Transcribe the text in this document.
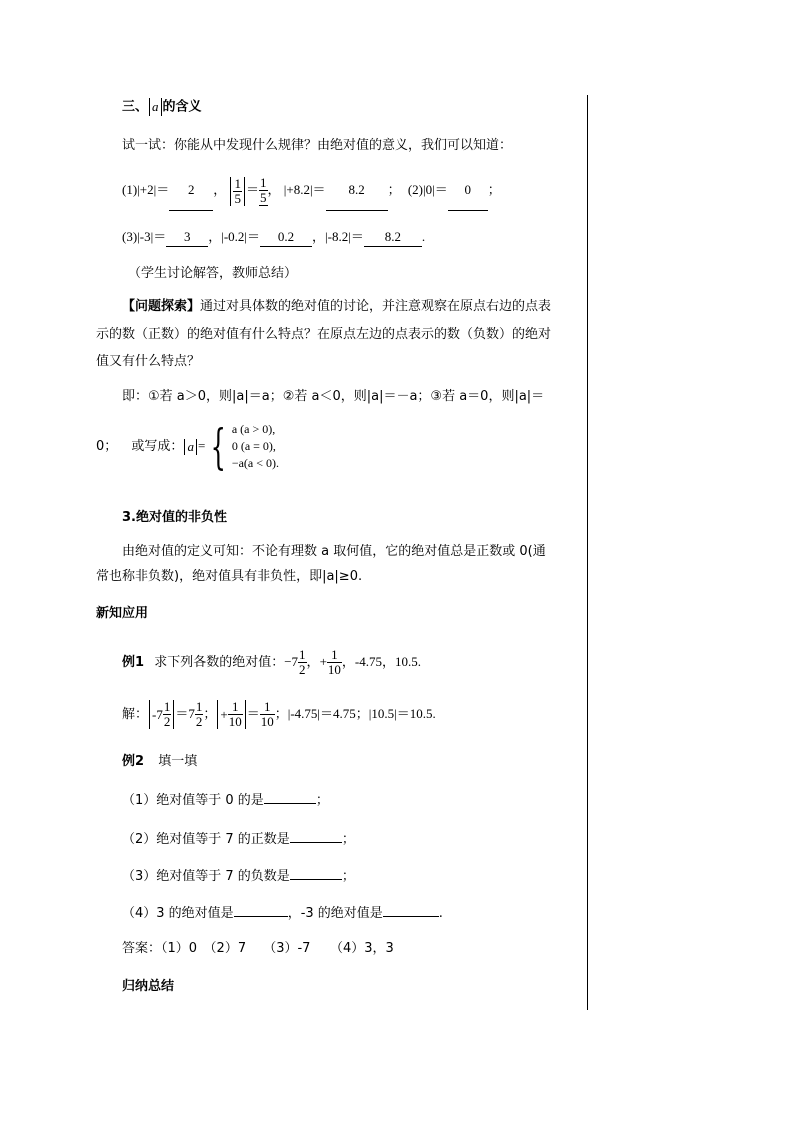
三、 a 的含义
试一试：你能从中发现什么规律？由绝对值的意义，我们可以知道：
(1)|+2|＝ 2 ， $\frac{1}{5} = \frac{1}{5}$ ， |+8.2|＝ 8.2 ； (2)|0|＝ 0 ；
(3)|-3|＝ 3 ，|-0.2|＝ 0.2 ，|-8.2|＝ 8.2 .
（学生讨论解答，教师总结）
【问题探索】通过对具体数的绝对值的讨论，并注意观察在原点右边的点表
示的数（正数）的绝对值有什么特点？在原点左边的点表示的数（负数）的绝对
值又有什么特点？
即：①若 a＞0，则|a|＝a；②若 a＜0，则|a|＝－a；③若 a＝0，则|a|＝
0； 或写成： a = { a (a > 0),
0 (a = 0),
−a(a < 0).
3.绝对值的非负性
由绝对值的定义可知：不论有理数 a 取何值，它的绝对值总是正数或 0(通
常也称非负数)，绝对值具有非负性，即|a|≥0.
新知应用
例1 求下列各数的绝对值：$-7 \frac{1}{2}$ ，+ $\frac{1}{10}$ ，-4.75，10.5.
解： $-7 \frac{1}{2} =7 \frac{1}{2}$ ； + $\frac{1}{10} = \frac{1}{10}$ ；|-4.75|＝4.75；|10.5|＝10.5.
例2 填一填
（1）绝对值等于 0 的是	；
（2）绝对值等于 7 的正数是	；
（3）绝对值等于 7 的负数是	；
（4）3 的绝对值是	，-3 的绝对值是	.
答案：（1）0　（2）7　 （3）-7　　（4）3，3
归纳总结
